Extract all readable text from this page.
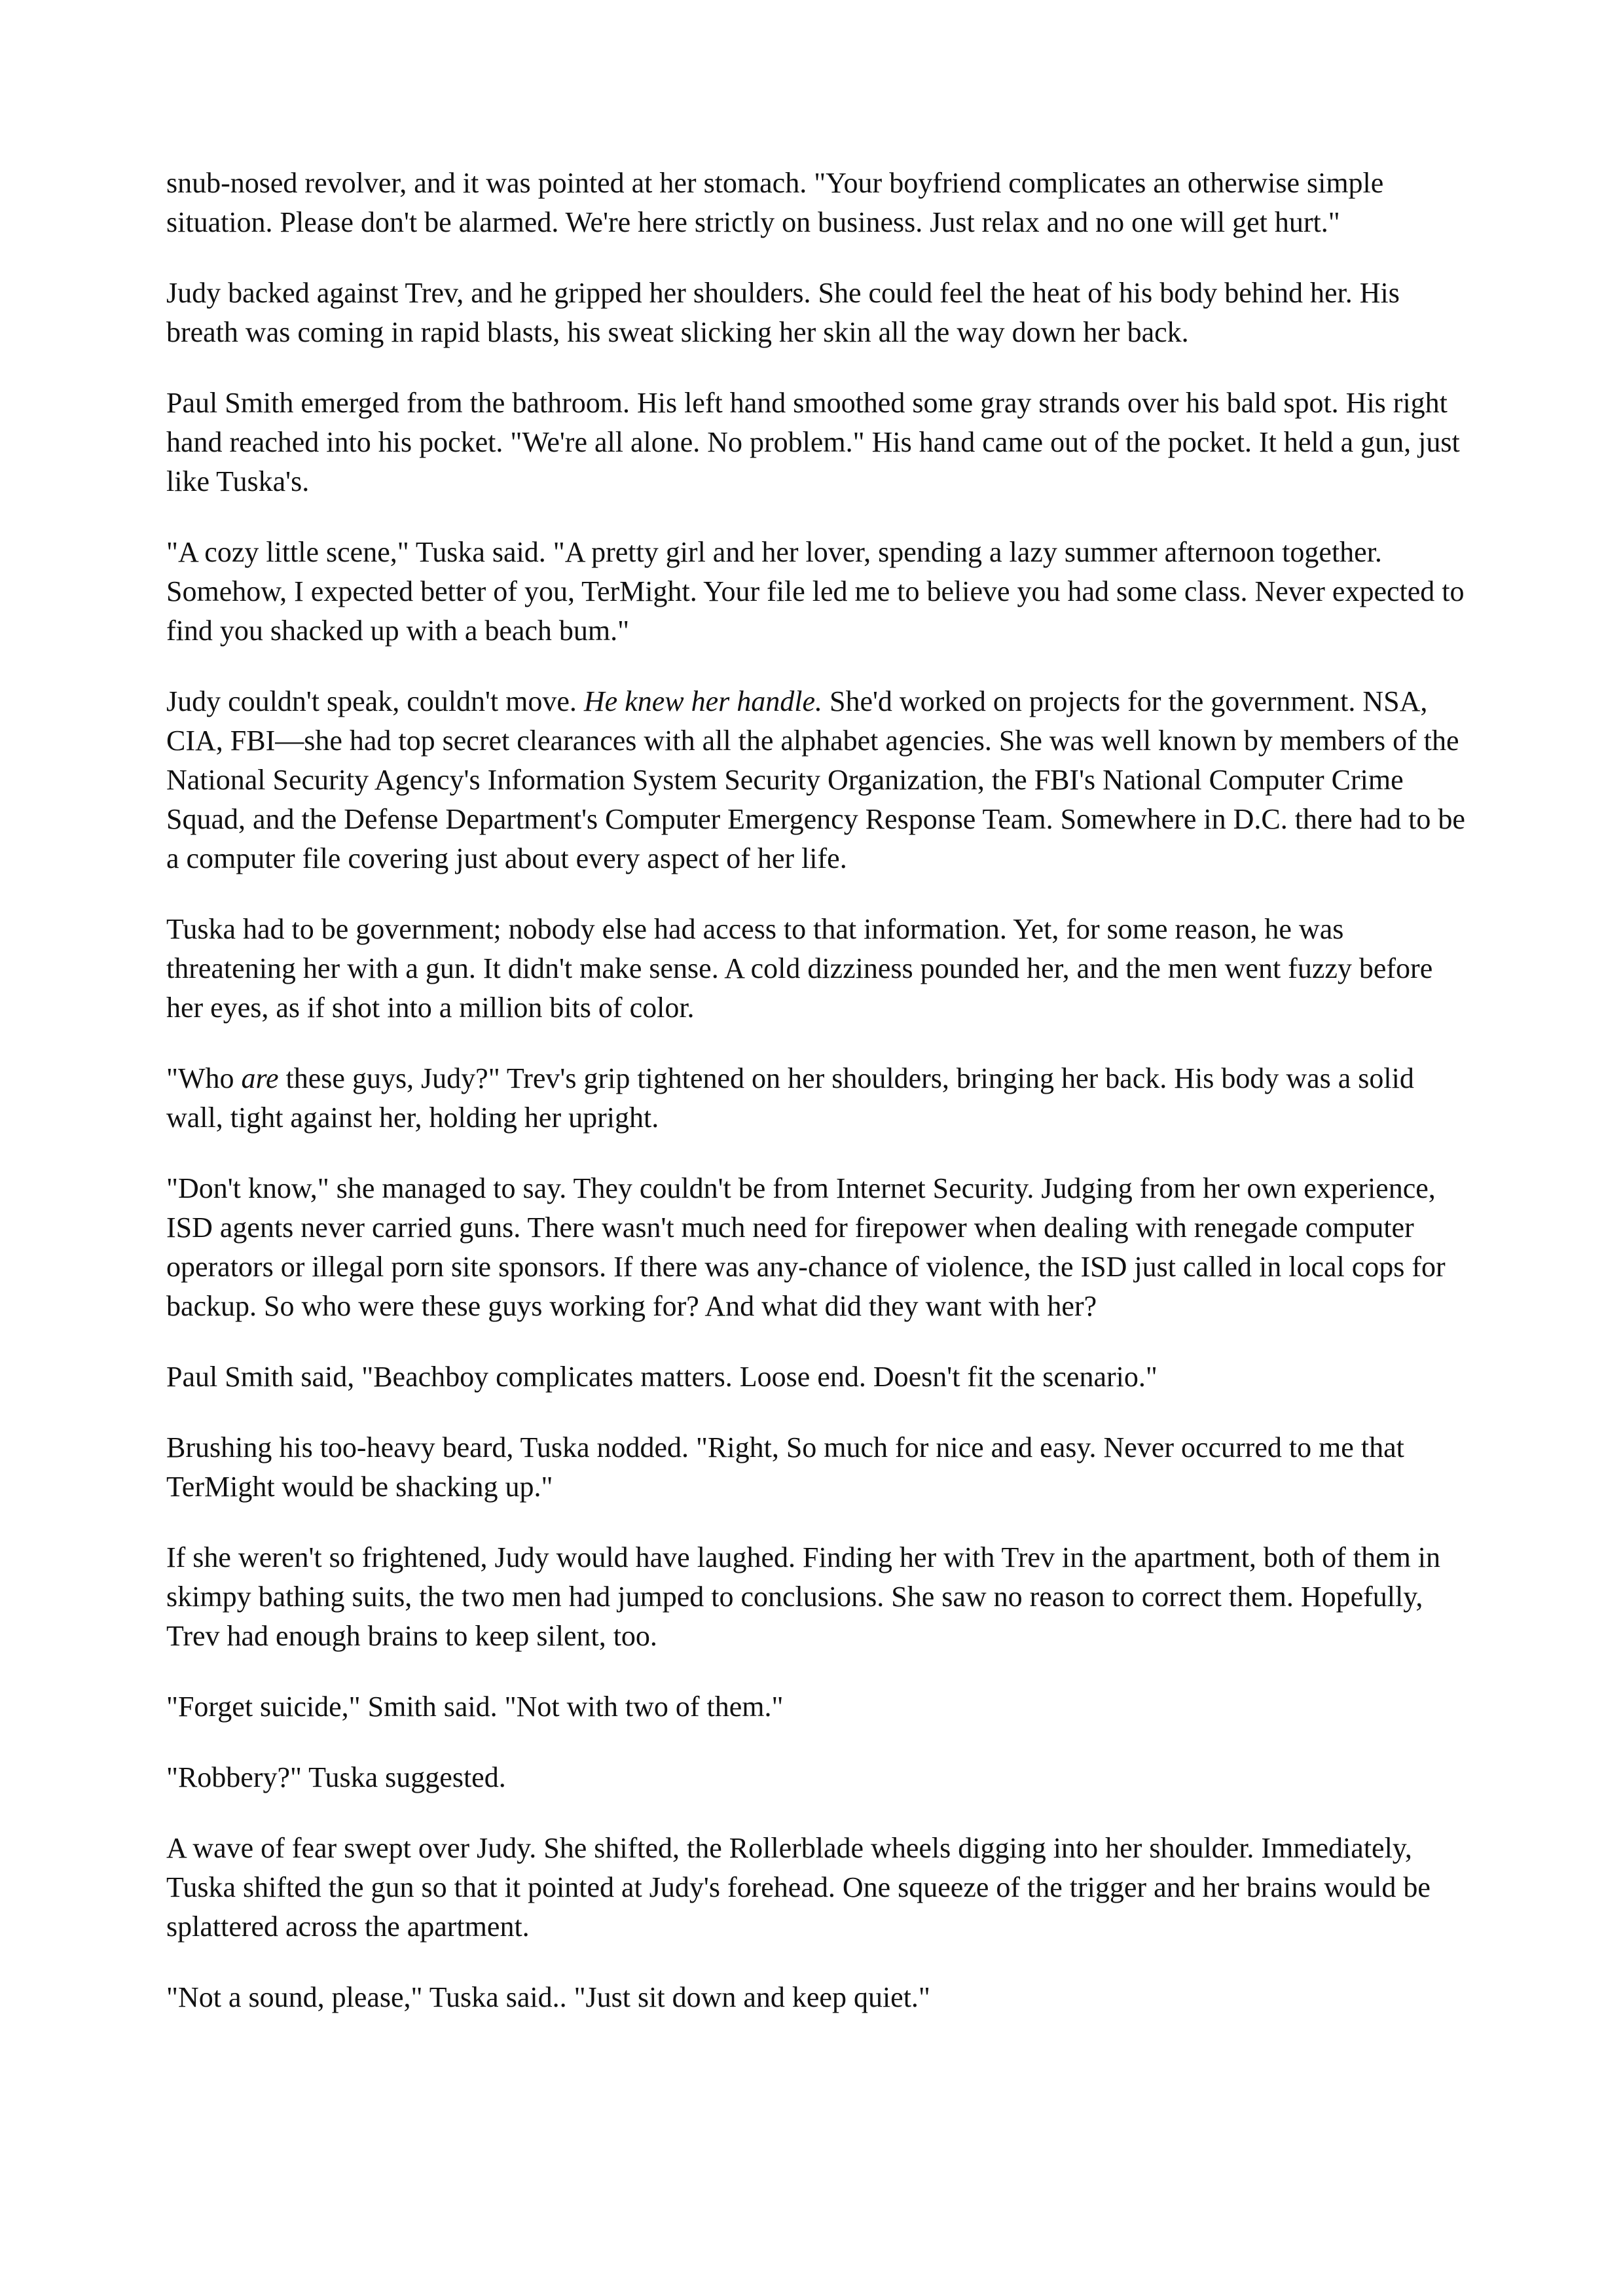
snub-nosed revolver, and it was pointed at her stomach. "Your boyfriend complicates an otherwise simple situation. Please don't be alarmed. We're here strictly on business. Just relax and no one will get hurt."

Judy backed against Trev, and he gripped her shoulders. She could feel the heat of his body behind her. His breath was coming in rapid blasts, his sweat slicking her skin all the way down her back.

Paul Smith emerged from the bathroom. His left hand smoothed some gray strands over his bald spot. His right hand reached into his pocket. "We're all alone. No problem." His hand came out of the pocket. It held a gun, just like Tuska's.

"A cozy little scene," Tuska said. "A pretty girl and her lover, spending a lazy summer afternoon together. Somehow, I expected better of you, TerMight. Your file led me to believe you had some class. Never expected to find you shacked up with a beach bum."

Judy couldn't speak, couldn't move. He knew her handle. She'd worked on projects for the government. NSA, CIA, FBI—she had top secret clearances with all the alphabet agencies. She was well known by members of the National Security Agency's Information System Security Organization, the FBI's National Computer Crime Squad, and the Defense Department's Computer Emergency Response Team. Somewhere in D.C. there had to be a computer file covering just about every aspect of her life.

Tuska had to be government; nobody else had access to that information. Yet, for some reason, he was threatening her with a gun. It didn't make sense. A cold dizziness pounded her, and the men went fuzzy before her eyes, as if shot into a million bits of color.

"Who are these guys, Judy?" Trev's grip tightened on her shoulders, bringing her back. His body was a solid wall, tight against her, holding her upright.

"Don't know," she managed to say. They couldn't be from Internet Security. Judging from her own experience, ISD agents never carried guns. There wasn't much need for firepower when dealing with renegade computer operators or illegal porn site sponsors. If there was any-chance of violence, the ISD just called in local cops for backup. So who were these guys working for? And what did they want with her?

Paul Smith said, "Beachboy complicates matters. Loose end. Doesn't fit the scenario."

Brushing his too-heavy beard, Tuska nodded. "Right, So much for nice and easy. Never occurred to me that TerMight would be shacking up."

If she weren't so frightened, Judy would have laughed. Finding her with Trev in the apartment, both of them in skimpy bathing suits, the two men had jumped to conclusions. She saw no reason to correct them. Hopefully, Trev had enough brains to keep silent, too.

"Forget suicide," Smith said. "Not with two of them."

"Robbery?" Tuska suggested.

A wave of fear swept over Judy. She shifted, the Rollerblade wheels digging into her shoulder. Immediately, Tuska shifted the gun so that it pointed at Judy's forehead. One squeeze of the trigger and her brains would be splattered across the apartment.

"Not a sound, please," Tuska said.. "Just sit down and keep quiet."
